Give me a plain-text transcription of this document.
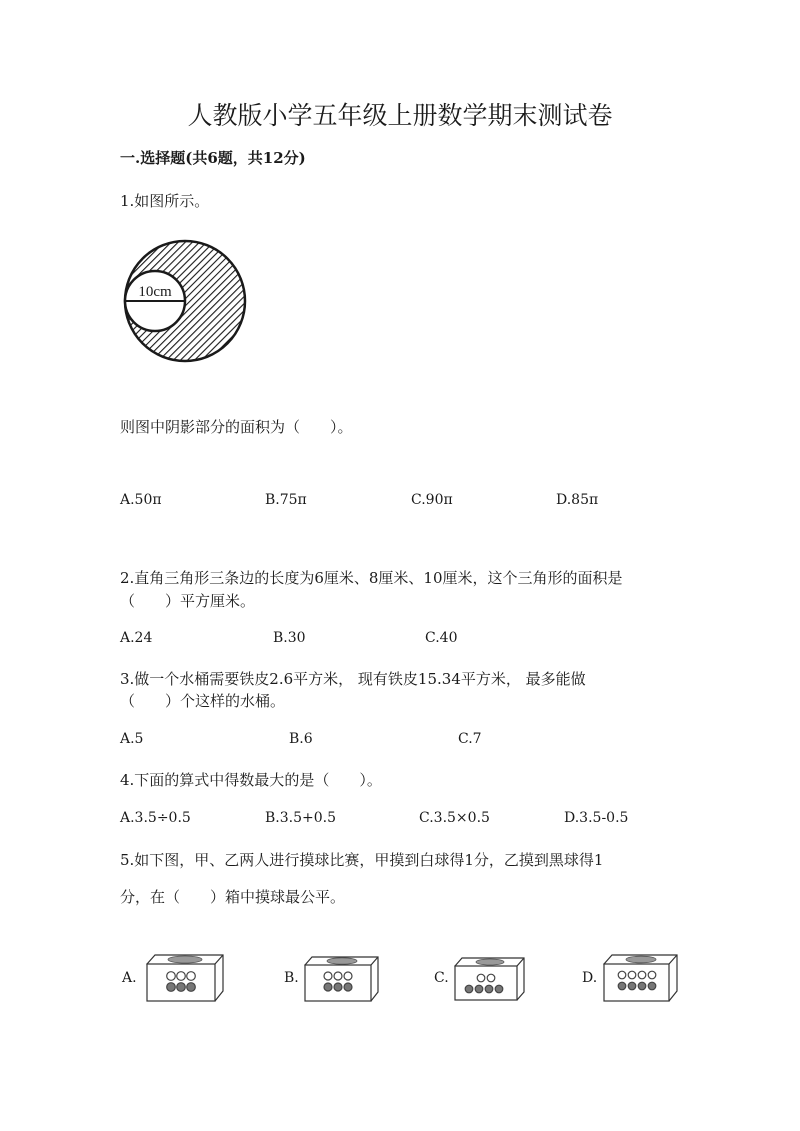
人教版小学五年级上册数学期末测试卷
一.选择题(共6题，共12分)
1.如图所示。
10cm
则图中阴影部分的面积为（　　）。
A.50π	B.75π	C.90π	D.85π
2.直角三角形三条边的长度为6厘米、8厘米、10厘米，这个三角形的面积是
（　　）平方厘米。
A.24	B.30	C.40
3.做一个水桶需要铁皮2.6平方米， 现有铁皮15.34平方米， 最多能做
（　　）个这样的水桶。
A.5	B.6	C.7
4.下面的算式中得数最大的是（　　）。
A.3.5÷0.5	B.3.5+0.5	C.3.5×0.5	D.3.5-0.5
5.如下图，甲、乙两人进行摸球比赛，甲摸到白球得1分，乙摸到黑球得1
分，在（　　）箱中摸球最公平。
A.	B.	C.	D.
